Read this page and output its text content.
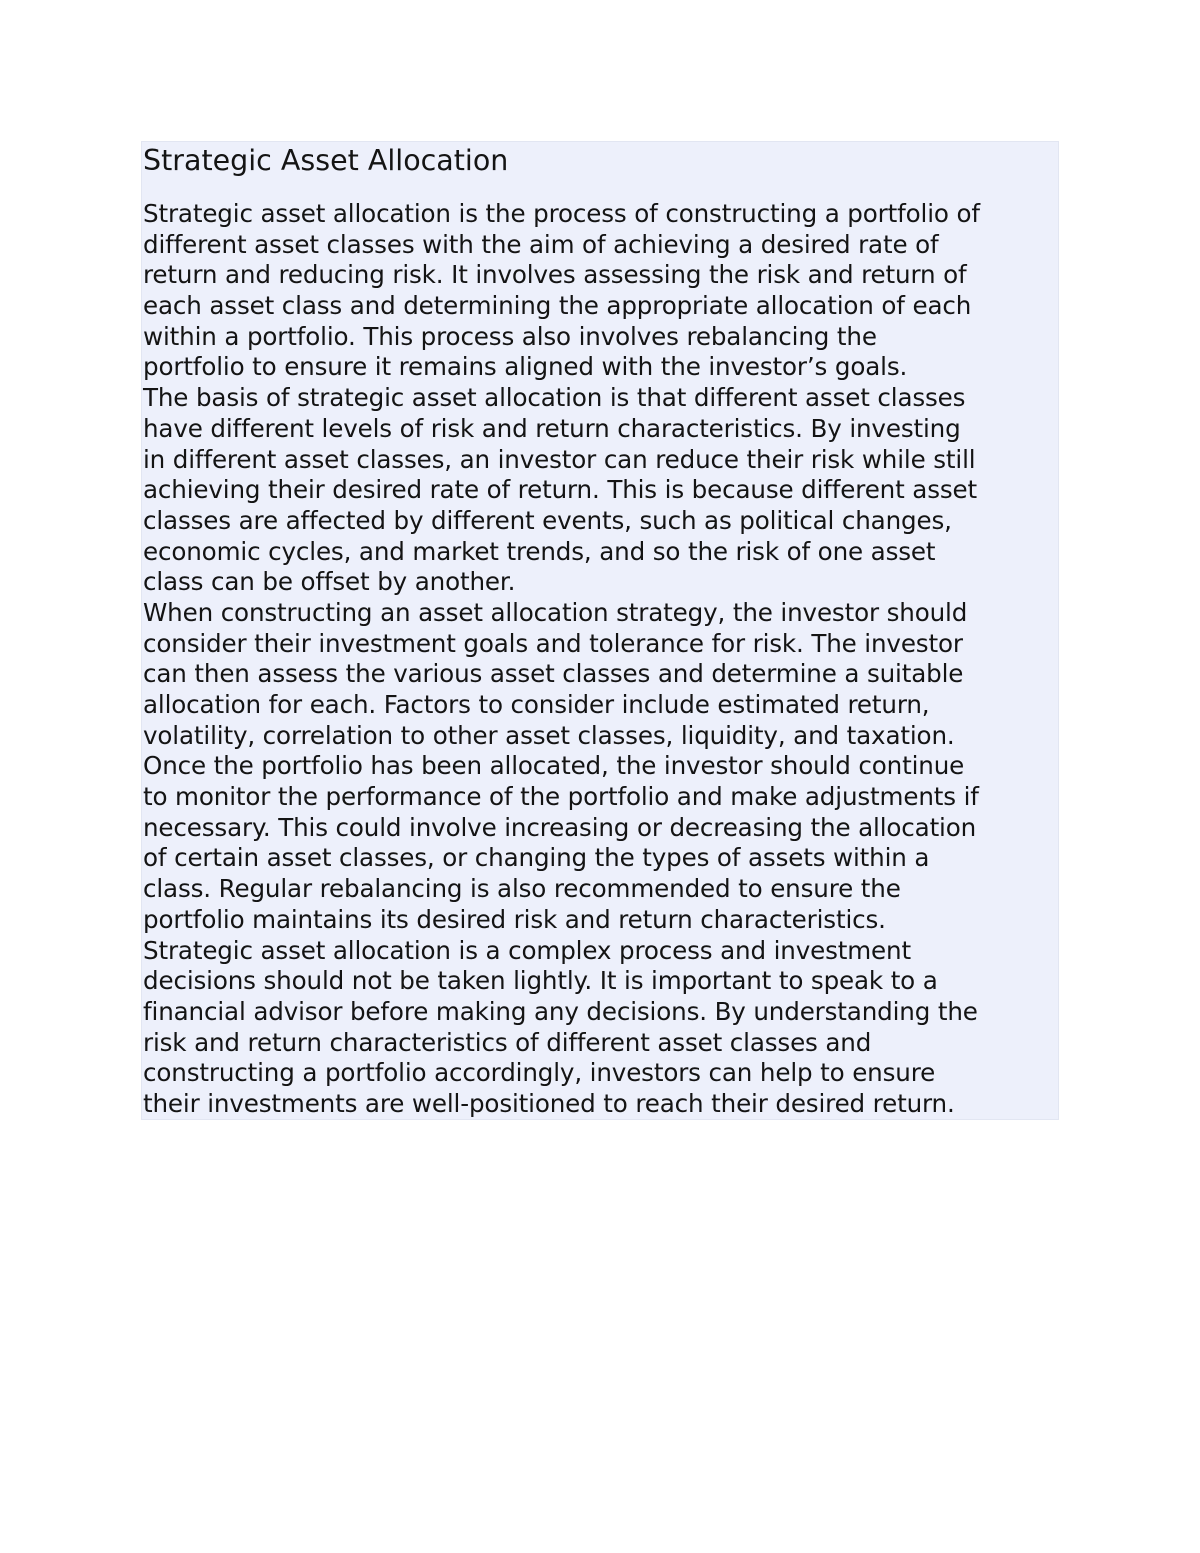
Strategic Asset Allocation
Strategic asset allocation is the process of constructing a portfolio of
different asset classes with the aim of achieving a desired rate of
return and reducing risk. It involves assessing the risk and return of
each asset class and determining the appropriate allocation of each
within a portfolio. This process also involves rebalancing the
portfolio to ensure it remains aligned with the investor’s goals.
The basis of strategic asset allocation is that different asset classes
have different levels of risk and return characteristics. By investing
in different asset classes, an investor can reduce their risk while still
achieving their desired rate of return. This is because different asset
classes are affected by different events, such as political changes,
economic cycles, and market trends, and so the risk of one asset
class can be offset by another.
When constructing an asset allocation strategy, the investor should
consider their investment goals and tolerance for risk. The investor
can then assess the various asset classes and determine a suitable
allocation for each. Factors to consider include estimated return,
volatility, correlation to other asset classes, liquidity, and taxation.
Once the portfolio has been allocated, the investor should continue
to monitor the performance of the portfolio and make adjustments if
necessary. This could involve increasing or decreasing the allocation
of certain asset classes, or changing the types of assets within a
class. Regular rebalancing is also recommended to ensure the
portfolio maintains its desired risk and return characteristics.
Strategic asset allocation is a complex process and investment
decisions should not be taken lightly. It is important to speak to a
financial advisor before making any decisions. By understanding the
risk and return characteristics of different asset classes and
constructing a portfolio accordingly, investors can help to ensure
their investments are well-positioned to reach their desired return.
